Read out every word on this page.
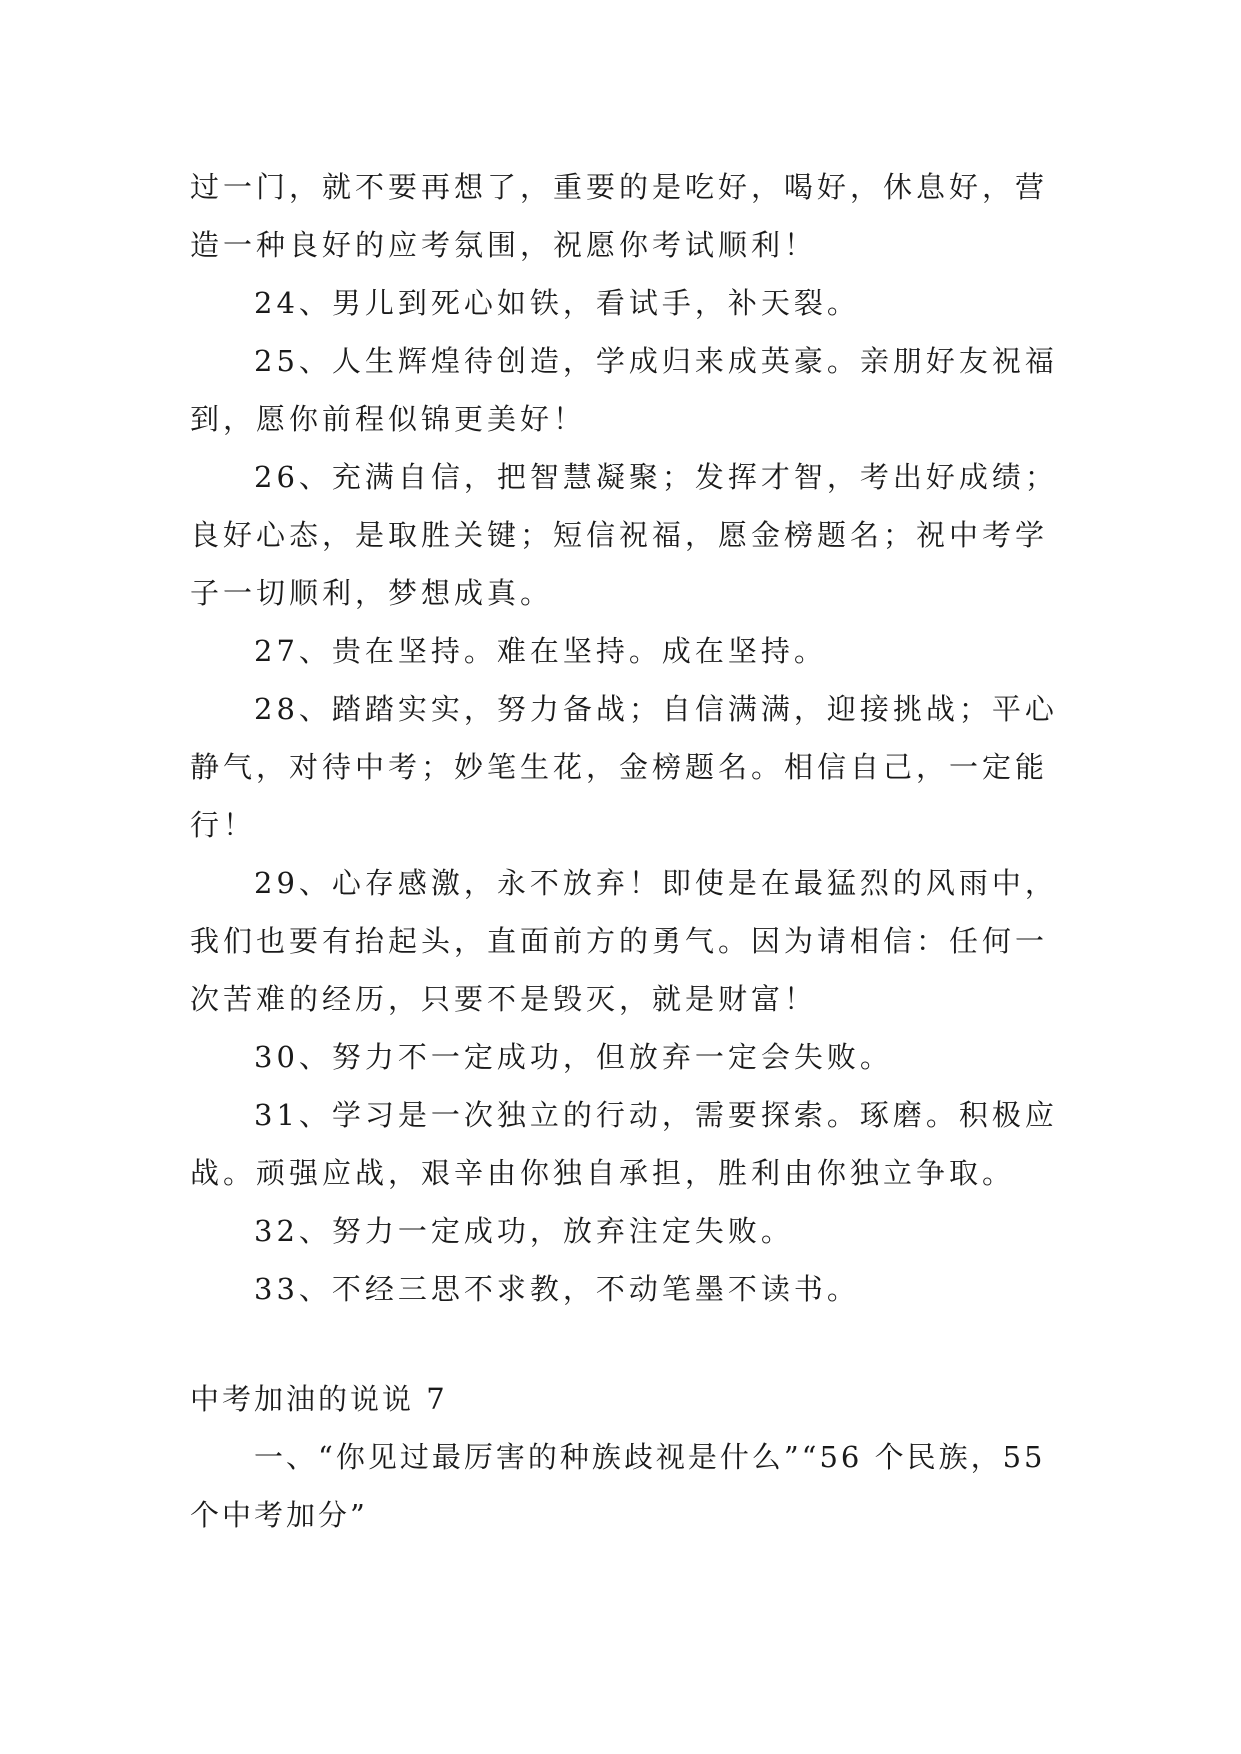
过一门，就不要再想了，重要的是吃好，喝好，休息好，营造一种良好的应考氛围，祝愿你考试顺利！

24、男儿到死心如铁，看试手，补天裂。

25、人生辉煌待创造，学成归来成英豪。亲朋好友祝福到，愿你前程似锦更美好！

26、充满自信，把智慧凝聚；发挥才智，考出好成绩；良好心态，是取胜关键；短信祝福，愿金榜题名；祝中考学子一切顺利，梦想成真。

27、贵在坚持。难在坚持。成在坚持。

28、踏踏实实，努力备战；自信满满，迎接挑战；平心静气，对待中考；妙笔生花，金榜题名。相信自己，一定能行！

29、心存感激，永不放弃！即使是在最猛烈的风雨中，我们也要有抬起头，直面前方的勇气。因为请相信：任何一次苦难的经历，只要不是毁灭，就是财富！

30、努力不一定成功，但放弃一定会失败。

31、学习是一次独立的行动，需要探索。琢磨。积极应战。顽强应战，艰辛由你独自承担，胜利由你独立争取。

32、努力一定成功，放弃注定失败。

33、不经三思不求教，不动笔墨不读书。

中考加油的说说 7

一、“你见过最厉害的种族歧视是什么”“56 个民族，55 个中考加分”
